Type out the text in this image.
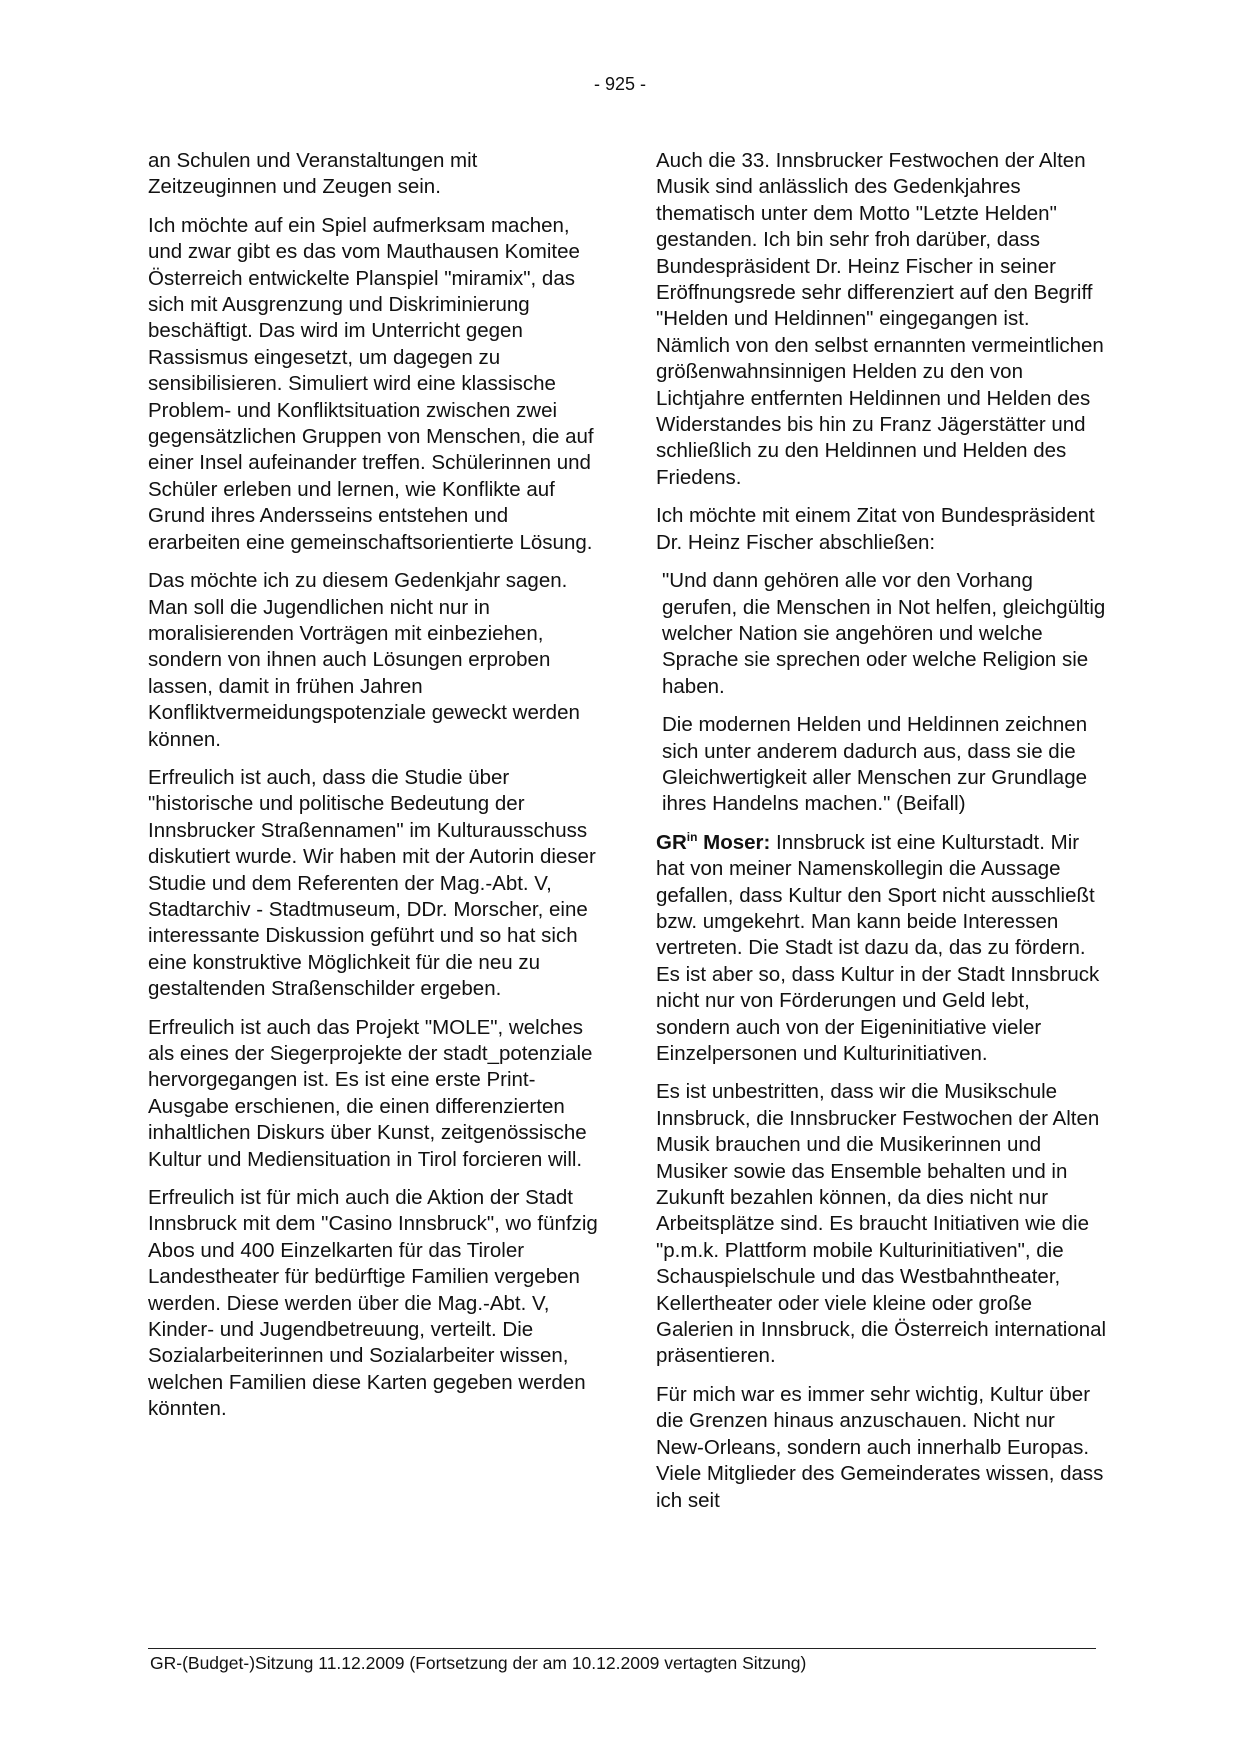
- 925 -

an Schulen und Veranstaltungen mit Zeitzeuginnen und Zeugen sein.

Ich möchte auf ein Spiel aufmerksam machen, und zwar gibt es das vom Mauthausen Komitee Österreich entwickelte Planspiel "miramix", das sich mit Ausgrenzung und Diskriminierung beschäftigt. Das wird im Unterricht gegen Rassismus eingesetzt, um dagegen zu sensibilisieren. Simuliert wird eine klassische Problem- und Konfliktsituation zwischen zwei gegensätzlichen Gruppen von Menschen, die auf einer Insel aufeinander treffen. Schülerinnen und Schüler erleben und lernen, wie Konflikte auf Grund ihres Andersseins entstehen und erarbeiten eine gemeinschaftsorientierte Lösung.

Das möchte ich zu diesem Gedenkjahr sagen. Man soll die Jugendlichen nicht nur in moralisierenden Vorträgen mit einbeziehen, sondern von ihnen auch Lösungen erproben lassen, damit in frühen Jahren Konfliktvermeidungspotenziale geweckt werden können.

Erfreulich ist auch, dass die Studie über "historische und politische Bedeutung der Innsbrucker Straßennamen" im Kulturausschuss diskutiert wurde. Wir haben mit der Autorin dieser Studie und dem Referenten der Mag.-Abt. V, Stadtarchiv - Stadtmuseum, DDr. Morscher, eine interessante Diskussion geführt und so hat sich eine konstruktive Möglichkeit für die neu zu gestaltenden Straßenschilder ergeben.

Erfreulich ist auch das Projekt "MOLE", welches als eines der Siegerprojekte der stadt_potenziale hervorgegangen ist. Es ist eine erste Print-Ausgabe erschienen, die einen differenzierten inhaltlichen Diskurs über Kunst, zeitgenössische Kultur und Mediensituation in Tirol forcieren will.

Erfreulich ist für mich auch die Aktion der Stadt Innsbruck mit dem "Casino Innsbruck", wo fünfzig Abos und 400 Einzelkarten für das Tiroler Landestheater für bedürftige Familien vergeben werden. Diese werden über die Mag.-Abt. V, Kinder- und Jugendbetreuung, verteilt. Die Sozialarbeiterinnen und Sozialarbeiter wissen, welchen Familien diese Karten gegeben werden könnten.

Auch die 33. Innsbrucker Festwochen der Alten Musik sind anlässlich des Gedenkjahres thematisch unter dem Motto "Letzte Helden" gestanden. Ich bin sehr froh darüber, dass Bundespräsident Dr. Heinz Fischer in seiner Eröffnungsrede sehr differenziert auf den Begriff "Helden und Heldinnen" eingegangen ist. Nämlich von den selbst ernannten vermeintlichen größenwahnsinnigen Helden zu den von Lichtjahre entfernten Heldinnen und Helden des Widerstandes bis hin zu Franz Jägerstätter und schließlich zu den Heldinnen und Helden des Friedens.

Ich möchte mit einem Zitat von Bundespräsident Dr. Heinz Fischer abschließen:

"Und dann gehören alle vor den Vorhang gerufen, die Menschen in Not helfen, gleichgültig welcher Nation sie angehören und welche Sprache sie sprechen oder welche Religion sie haben.

Die modernen Helden und Heldinnen zeichnen sich unter anderem dadurch aus, dass sie die Gleichwertigkeit aller Menschen zur Grundlage ihres Handelns machen." (Beifall)

$GR^{in}$ Moser: Innsbruck ist eine Kulturstadt. Mir hat von meiner Namenskollegin die Aussage gefallen, dass Kultur den Sport nicht ausschließt bzw. umgekehrt. Man kann beide Interessen vertreten. Die Stadt ist dazu da, das zu fördern. Es ist aber so, dass Kultur in der Stadt Innsbruck nicht nur von Förderungen und Geld lebt, sondern auch von der Eigeninitiative vieler Einzelpersonen und Kulturinitiativen.

Es ist unbestritten, dass wir die Musikschule Innsbruck, die Innsbrucker Festwochen der Alten Musik brauchen und die Musikerinnen und Musiker sowie das Ensemble behalten und in Zukunft bezahlen können, da dies nicht nur Arbeitsplätze sind. Es braucht Initiativen wie die "p.m.k. Plattform mobile Kulturinitiativen", die Schauspielschule und das Westbahntheater, Kellertheater oder viele kleine oder große Galerien in Innsbruck, die Österreich international präsentieren.

Für mich war es immer sehr wichtig, Kultur über die Grenzen hinaus anzuschauen. Nicht nur New-Orleans, sondern auch innerhalb Europas. Viele Mitglieder des Gemeinderates wissen, dass ich seit

GR-(Budget-)Sitzung 11.12.2009 (Fortsetzung der am 10.12.2009 vertagten Sitzung)
